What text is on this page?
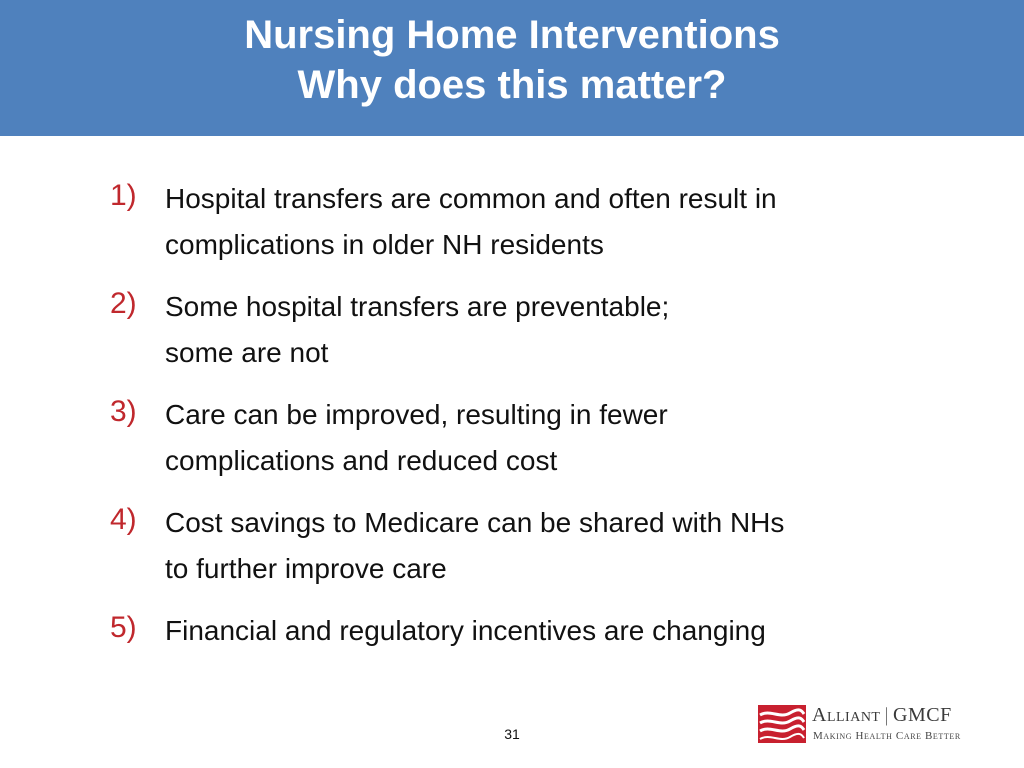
Nursing Home Interventions
Why does this matter?
1) Hospital transfers are common and often result in
complications in older NH residents
2) Some hospital transfers are preventable;
some are not
3) Care can be improved, resulting in fewer
complications and reduced cost
4) Cost savings to Medicare can be shared with NHs
to further improve care
5) Financial and regulatory incentives are changing
31
Alliant | GMCF
Making Health Care Better
